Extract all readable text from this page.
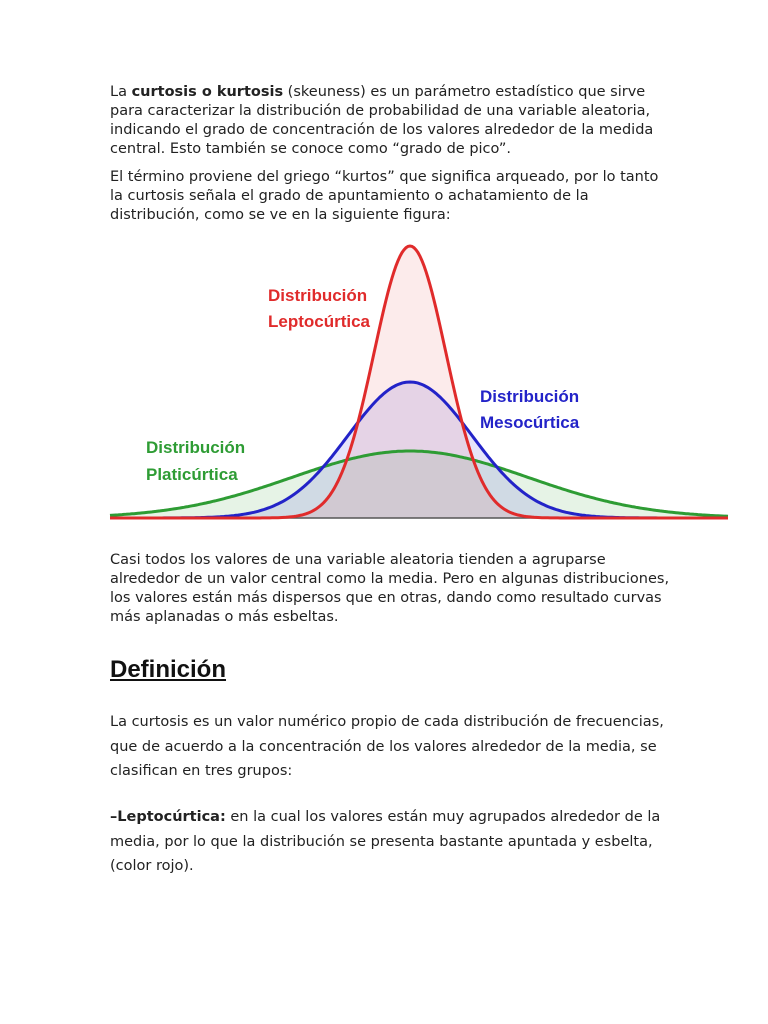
La curtosis o kurtosis (skeuness) es un parámetro estadístico que sirve para caracterizar la distribución de probabilidad de una variable aleatoria, indicando el grado de concentración de los valores alrededor de la medida central. Esto también se conoce como “grado de pico”.

El término proviene del griego “kurtos” que significa arqueado, por lo tanto la curtosis señala el grado de apuntamiento o achatamiento de la distribución, como se ve en la siguiente figura:

Distribución
Leptocúrtica
Distribución
Mesocúrtica
Distribución
Platicúrtica

Casi todos los valores de una variable aleatoria tienden a agruparse alrededor de un valor central como la media. Pero en algunas distribuciones, los valores están más dispersos que en otras, dando como resultado curvas más aplanadas o más esbeltas.

Definición

La curtosis es un valor numérico propio de cada distribución de frecuencias, que de acuerdo a la concentración de los valores alrededor de la media, se clasifican en tres grupos:

–Leptocúrtica: en la cual los valores están muy agrupados alrededor de la media, por lo que la distribución se presenta bastante apuntada y esbelta, (color rojo).
